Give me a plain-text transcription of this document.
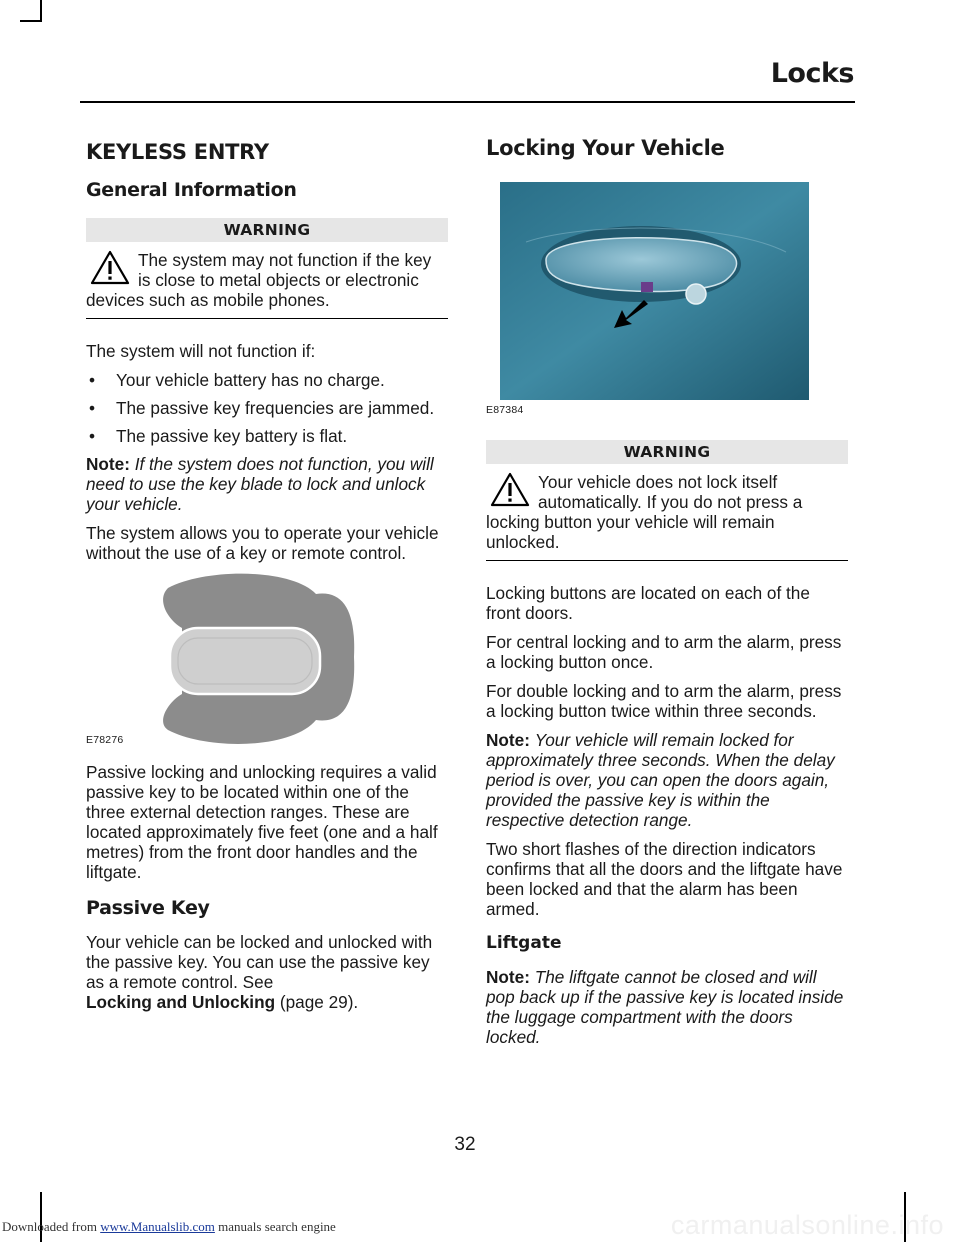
Locks
KEYLESS ENTRY
General Information
WARNING
The system may not function if the key is close to metal objects or electronic devices such as mobile phones.

The system will not function if:

• Your vehicle battery has no charge.
• The passive key frequencies are jammed.
• The passive key battery is flat.

Note: If the system does not function, you will need to use the key blade to lock and unlock your vehicle.

The system allows you to operate your vehicle without the use of a key or remote control.

E78276

Passive locking and unlocking requires a valid passive key to be located within one of the three external detection ranges. These are located approximately five feet (one and a half metres) from the front door handles and the liftgate.

Passive Key

Your vehicle can be locked and unlocked with the passive key. You can use the passive key as a remote control. See
Locking and Unlocking (page 29).

Locking Your Vehicle
E87384
WARNING
Your vehicle does not lock itself automatically. If you do not press a locking button your vehicle will remain unlocked.

Locking buttons are located on each of the front doors.

For central locking and to arm the alarm, press a locking button once.

For double locking and to arm the alarm, press a locking button twice within three seconds.

Note: Your vehicle will remain locked for approximately three seconds. When the delay period is over, you can open the doors again, provided the passive key is within the respective detection range.

Two short flashes of the direction indicators confirms that all the doors and the liftgate have been locked and that the alarm has been armed.

Liftgate

Note: The liftgate cannot be closed and will pop back up if the passive key is located inside the luggage compartment with the doors locked.

32
Downloaded from www.Manualslib.com manuals search engine	carmanualsonline.info
